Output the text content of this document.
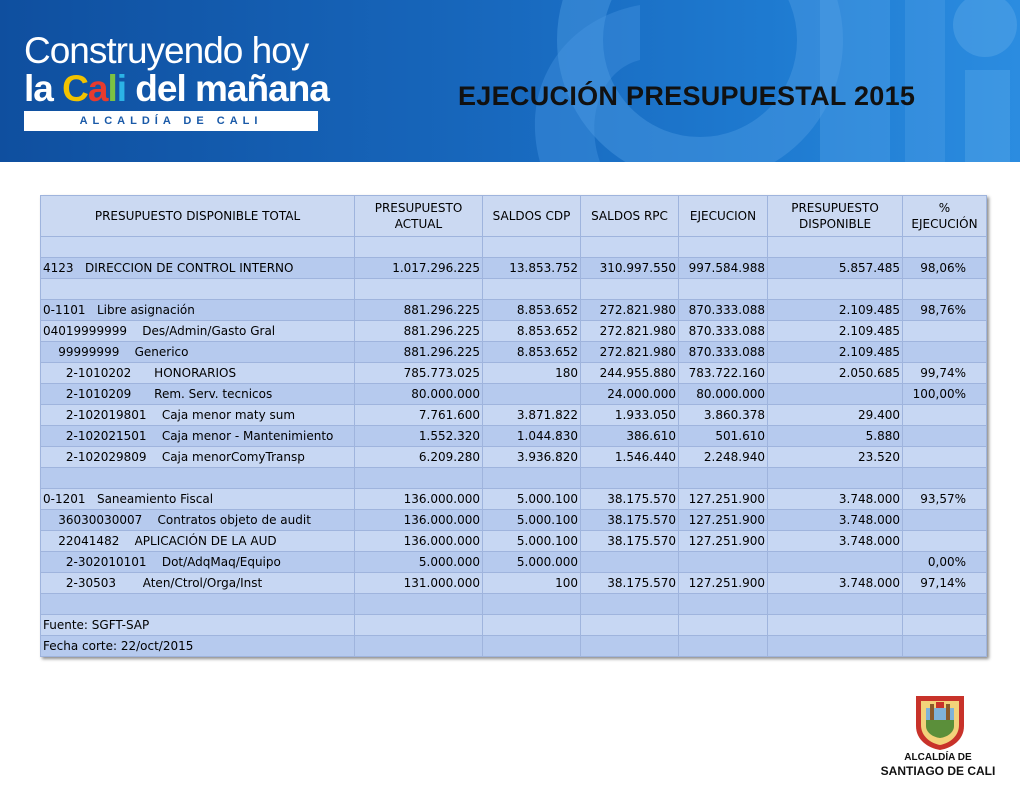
Construyendo hoy
la Cali del mañana
ALCALDÍA DE CALI
EJECUCIÓN PRESUPUESTAL 2015
PRESUPUESTO DISPONIBLE TOTAL	PRESUPUESTO ACTUAL	SALDOS CDP	SALDOS RPC	EJECUCION	PRESUPUESTO DISPONIBLE	% EJECUCIÓN

4123   DIRECCION DE CONTROL INTERNO	1.017.296.225	13.853.752	310.997.550	997.584.988	5.857.485	98,06%

0-1101   Libre asignación	881.296.225	8.853.652	272.821.980	870.333.088	2.109.485	98,76%
04019999999    Des/Admin/Gasto Gral	881.296.225	8.853.652	272.821.980	870.333.088	2.109.485	
99999999    Generico	881.296.225	8.853.652	272.821.980	870.333.088	2.109.485	
2-1010202      HONORARIOS	785.773.025	180	244.955.880	783.722.160	2.050.685	99,74%
2-1010209      Rem. Serv. tecnicos	80.000.000		24.000.000	80.000.000		100,00%
2-102019801    Caja menor maty sum	7.761.600	3.871.822	1.933.050	3.860.378	29.400	
2-102021501    Caja menor - Mantenimiento	1.552.320	1.044.830	386.610	501.610	5.880	
2-102029809    Caja menorComyTransp	6.209.280	3.936.820	1.546.440	2.248.940	23.520	

0-1201   Saneamiento Fiscal	136.000.000	5.000.100	38.175.570	127.251.900	3.748.000	93,57%
36030030007    Contratos objeto de audit	136.000.000	5.000.100	38.175.570	127.251.900	3.748.000	
22041482    APLICACIÓN DE LA AUD	136.000.000	5.000.100	38.175.570	127.251.900	3.748.000	
2-302010101    Dot/AdqMaq/Equipo	5.000.000	5.000.000				0,00%
2-30503       Aten/Ctrol/Orga/Inst	131.000.000	100	38.175.570	127.251.900	3.748.000	97,14%

Fuente: SGFT-SAP						
Fecha corte: 22/oct/2015						
ALCALDÍA DE
SANTIAGO DE CALI
